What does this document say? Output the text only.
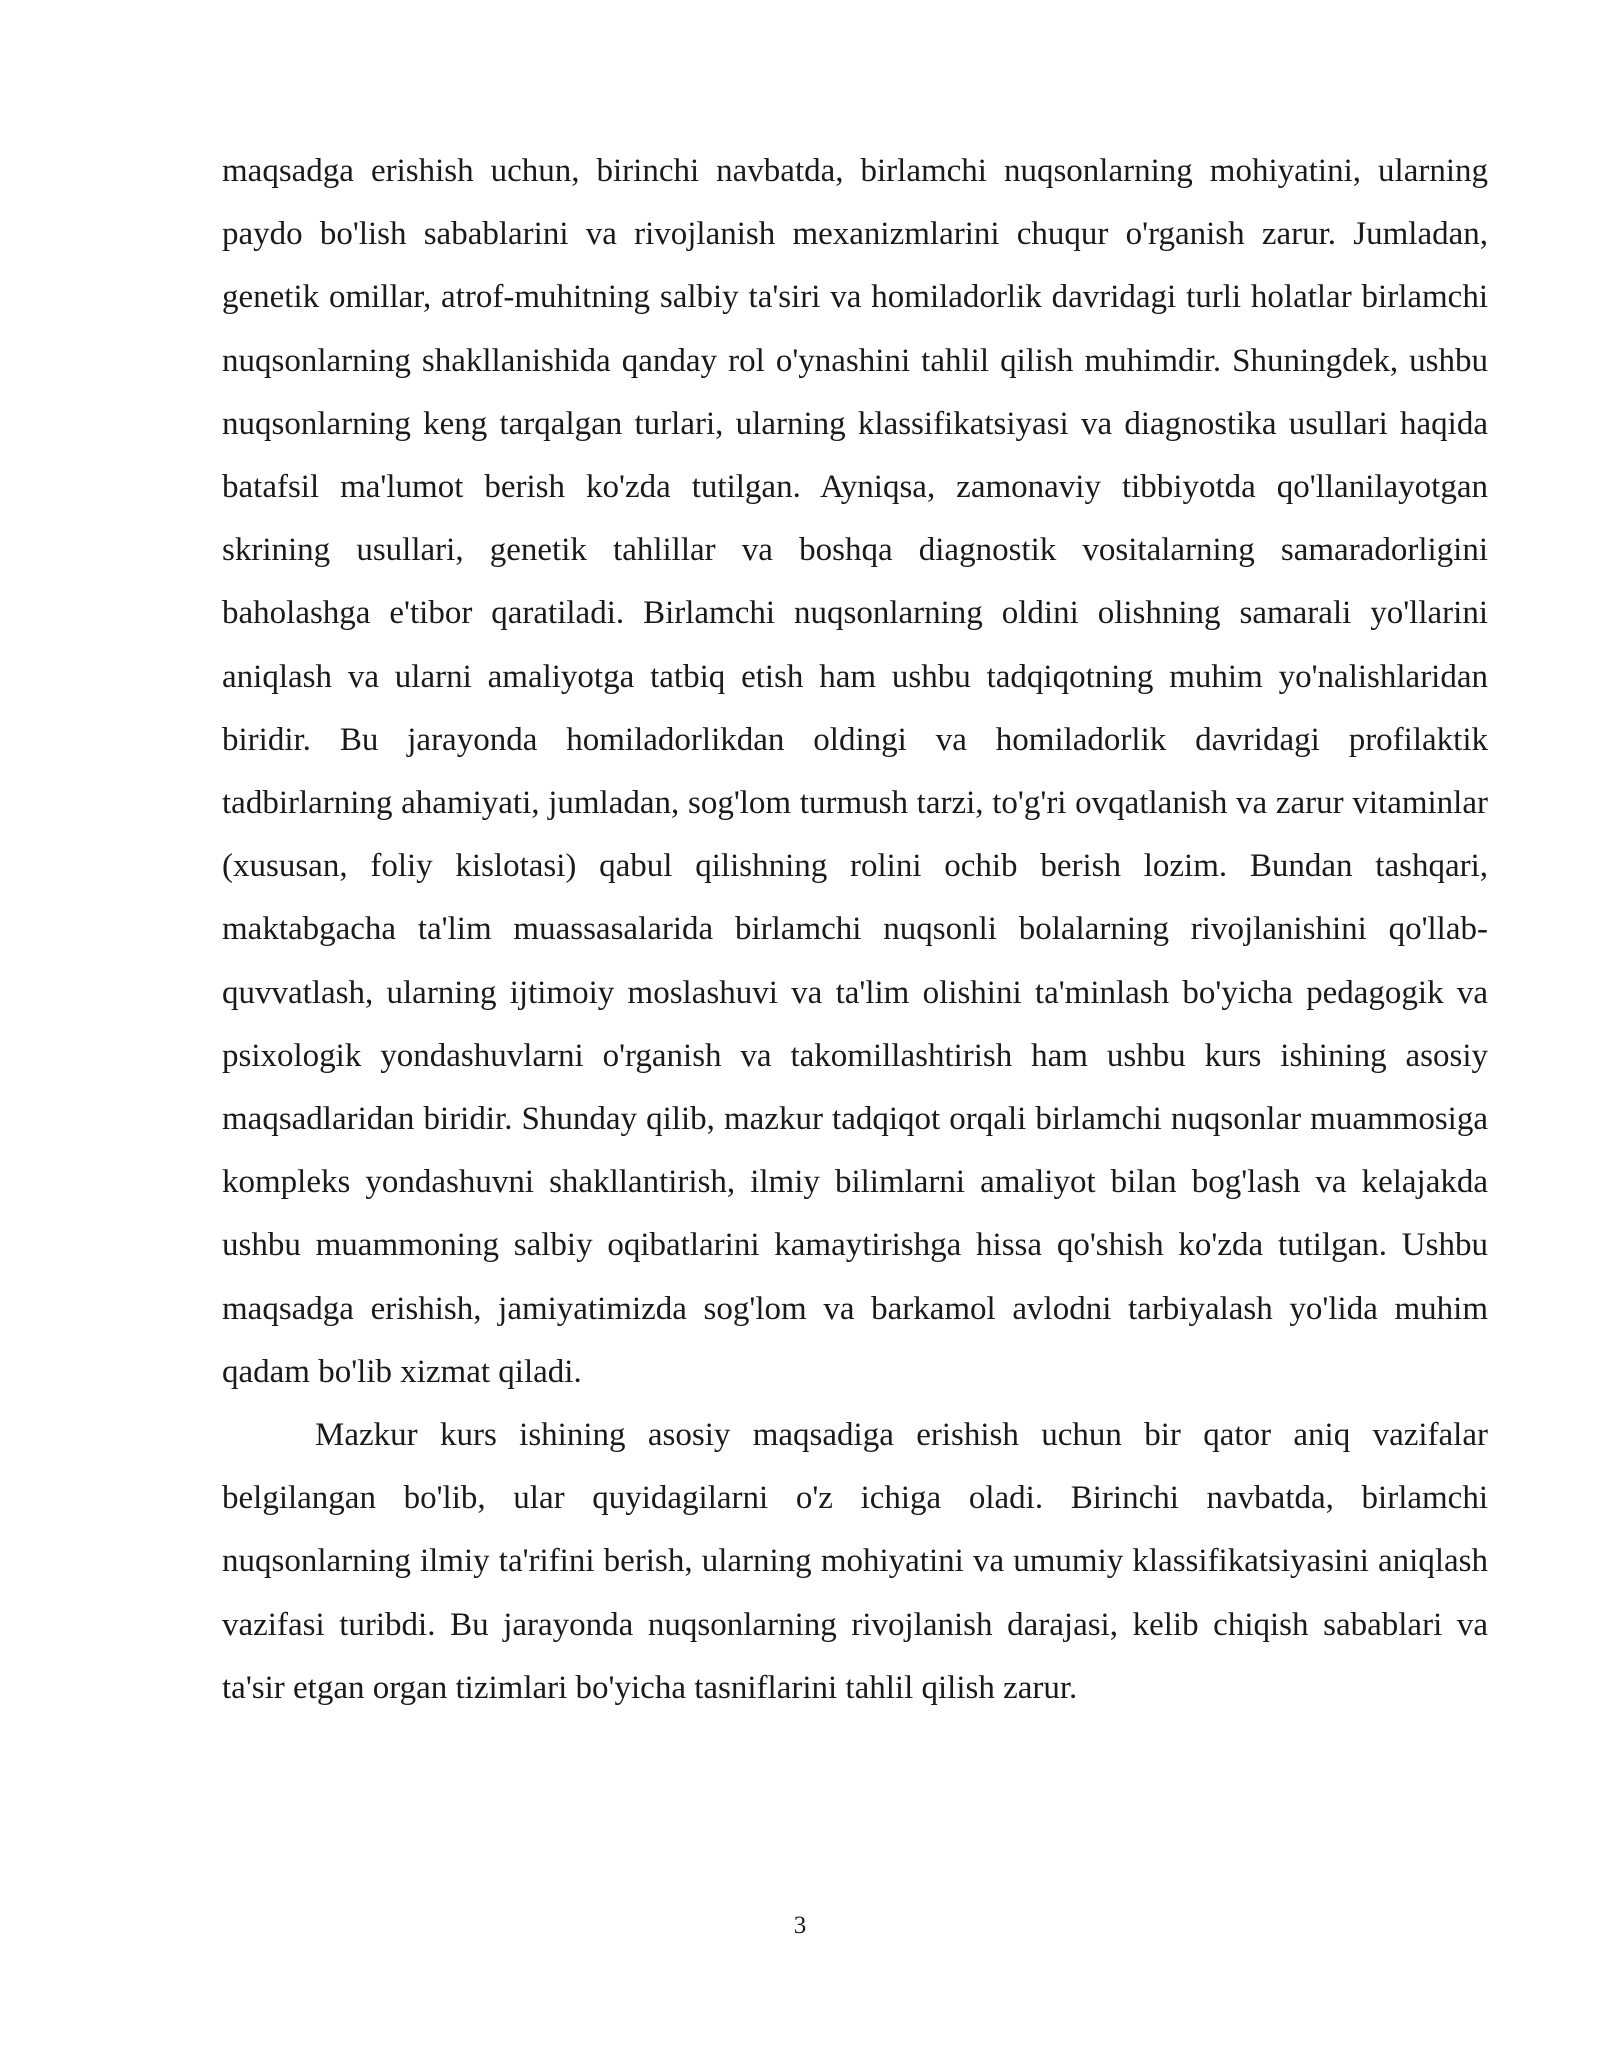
maqsadga erishish uchun, birinchi navbatda, birlamchi nuqsonlarning mohiyatini, ularning paydo bo'lish sabablarini va rivojlanish mexanizmlarini chuqur o'rganish zarur. Jumladan, genetik omillar, atrof-muhitning salbiy ta'siri va homiladorlik davridagi turli holatlar birlamchi nuqsonlarning shakllanishida qanday rol o'ynashini tahlil qilish muhimdir. Shuningdek, ushbu nuqsonlarning keng tarqalgan turlari, ularning klassifikatsiyasi va diagnostika usullari haqida batafsil ma'lumot berish ko'zda tutilgan. Ayniqsa, zamonaviy tibbiyotda qo'llanilayotgan skrining usullari, genetik tahlillar va boshqa diagnostik vositalarning samaradorligini baholashga e'tibor qaratiladi. Birlamchi nuqsonlarning oldini olishning samarali yo'llarini aniqlash va ularni amaliyotga tatbiq etish ham ushbu tadqiqotning muhim yo'nalishlaridan biridir. Bu jarayonda homiladorlikdan oldingi va homiladorlik davridagi profilaktik tadbirlarning ahamiyati, jumladan, sog'lom turmush tarzi, to'g'ri ovqatlanish va zarur vitaminlar (xususan, foliy kislotasi) qabul qilishning rolini ochib berish lozim. Bundan tashqari, maktabgacha ta'lim muassasalarida birlamchi nuqsonli bolalarning rivojlanishini qo'llab-quvvatlash, ularning ijtimoiy moslashuvi va ta'lim olishini ta'minlash bo'yicha pedagogik va psixologik yondashuvlarni o'rganish va takomillashtirish ham ushbu kurs ishining asosiy maqsadlaridan biridir. Shunday qilib, mazkur tadqiqot orqali birlamchi nuqsonlar muammosiga kompleks yondashuvni shakllantirish, ilmiy bilimlarni amaliyot bilan bog'lash va kelajakda ushbu muammoning salbiy oqibatlarini kamaytirishga hissa qo'shish ko'zda tutilgan. Ushbu maqsadga erishish, jamiyatimizda sog'lom va barkamol avlodni tarbiyalash yo'lida muhim qadam bo'lib xizmat qiladi.

Mazkur kurs ishining asosiy maqsadiga erishish uchun bir qator aniq vazifalar belgilangan bo'lib, ular quyidagilarni o'z ichiga oladi. Birinchi navbatda, birlamchi nuqsonlarning ilmiy ta'rifini berish, ularning mohiyatini va umumiy klassifikatsiyasini aniqlash vazifasi turibdi. Bu jarayonda nuqsonlarning rivojlanish darajasi, kelib chiqish sabablari va ta'sir etgan organ tizimlari bo'yicha tasniflarini tahlil qilish zarur.

3
